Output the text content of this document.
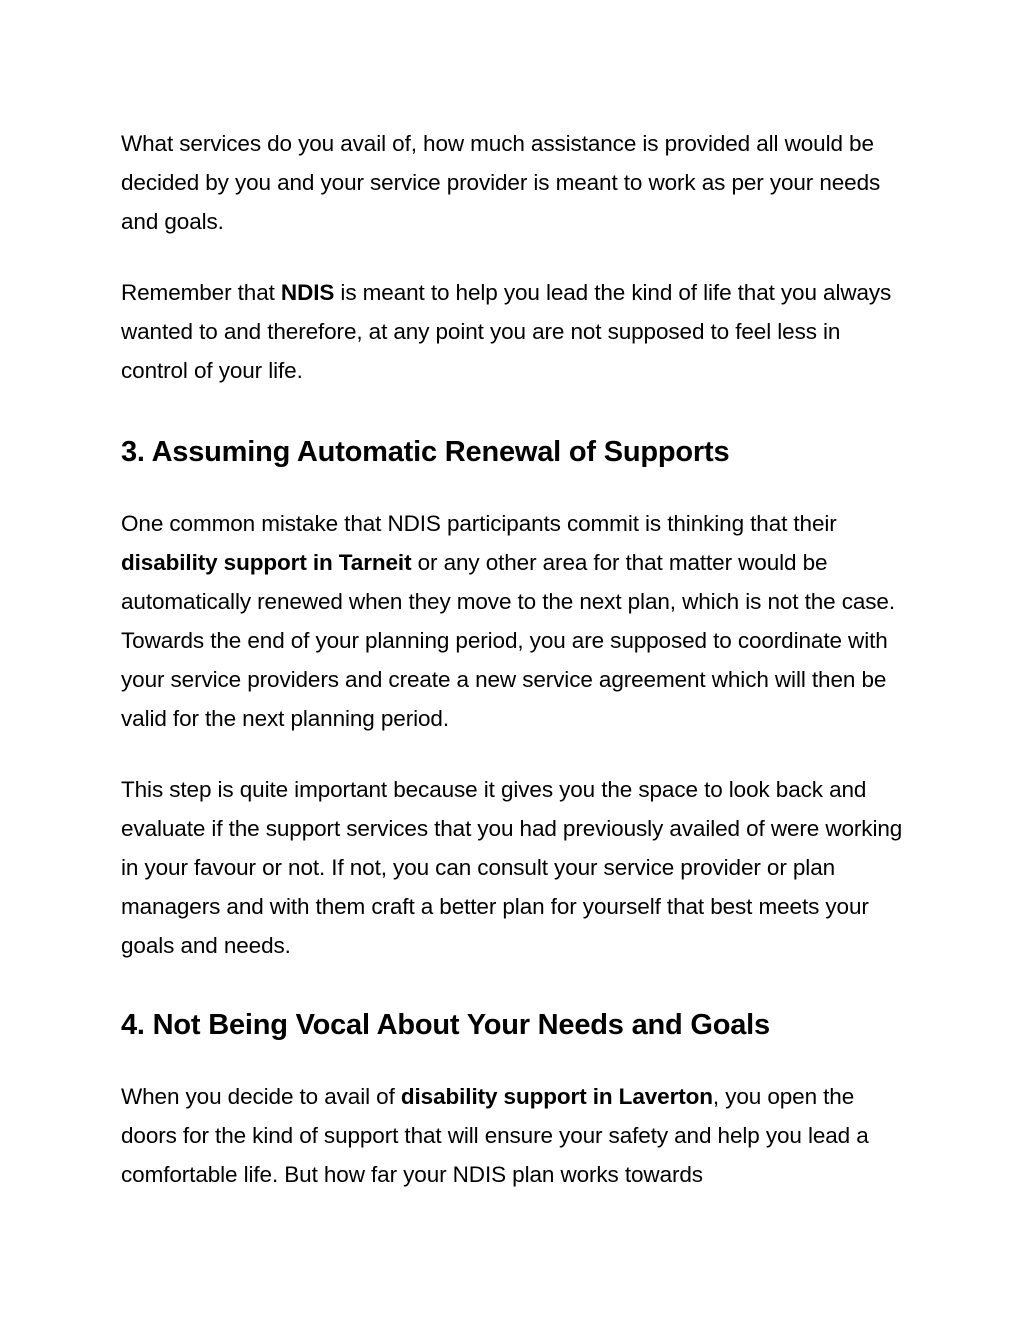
What services do you avail of, how much assistance is provided all would be decided by you and your service provider is meant to work as per your needs and goals.

Remember that NDIS is meant to help you lead the kind of life that you always wanted to and therefore, at any point you are not supposed to feel less in control of your life.

3. Assuming Automatic Renewal of Supports

One common mistake that NDIS participants commit is thinking that their disability support in Tarneit or any other area for that matter would be automatically renewed when they move to the next plan, which is not the case. Towards the end of your planning period, you are supposed to coordinate with your service providers and create a new service agreement which will then be valid for the next planning period.

This step is quite important because it gives you the space to look back and evaluate if the support services that you had previously availed of were working in your favour or not. If not, you can consult your service provider or plan managers and with them craft a better plan for yourself that best meets your goals and needs.

4. Not Being Vocal About Your Needs and Goals

When you decide to avail of disability support in Laverton, you open the doors for the kind of support that will ensure your safety and help you lead a comfortable life. But how far your NDIS plan works towards
